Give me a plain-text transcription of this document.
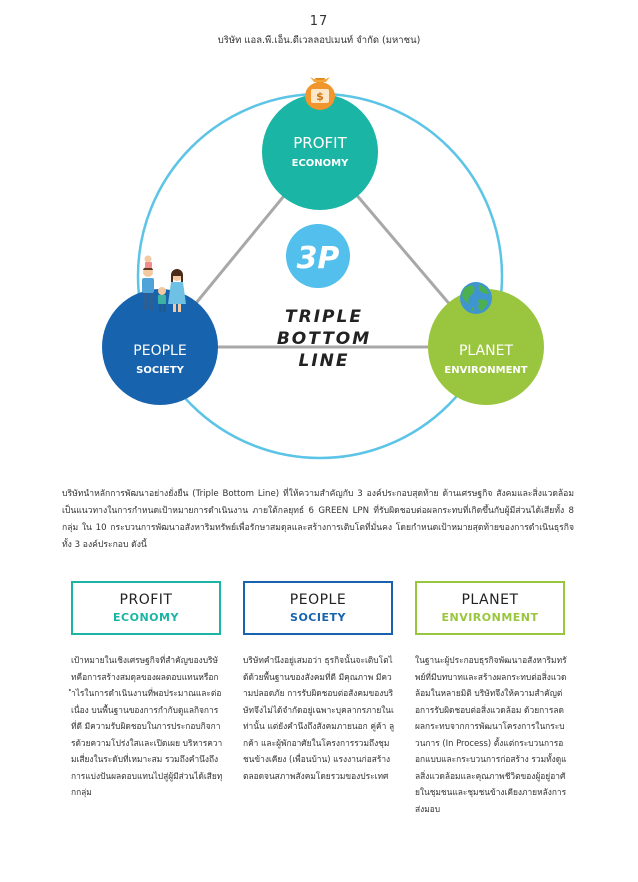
17
บริษัท แอล.พี.เอ็น.ดีเวลลอปเมนท์ จำกัด (มหาชน)
PROFIT
ECONOMY
$
PEOPLE
SOCIETY
PLANET
ENVIRONMENT
3P
TRIPLE
BOTTOM
LINE
บริษัทนำหลักการพัฒนาอย่างยั่งยืน (Triple Bottom Line) ที่ให้ความสำคัญกับ 3 องค์ประกอบสุดท้าย ด้านเศรษฐกิจ สังคมและสิ่งแวดล้อม เป็นแนวทางในการกำหนดเป้าหมายการดำเนินงาน ภายใต้กลยุทธ์ 6 GREEN LPN ที่รับผิดชอบต่อผลกระทบที่เกิดขึ้นกับผู้มีส่วนได้เสียทั้ง 8 กลุ่ม ใน 10 กระบวนการพัฒนาอสังหาริมทรัพย์เพื่อรักษาสมดุลและสร้างการเติบโตที่มั่นคง โดยกำหนดเป้าหมายสุดท้ายของการดำเนินธุรกิจทั้ง 3 องค์ประกอบ ดังนี้
PROFIT
ECONOMY
PEOPLE
SOCIETY
PLANET
ENVIRONMENT
เป้าหมายในเชิงเศรษฐกิจที่สำคัญของบริษัทคือการสร้างสมดุลของผลตอบแทนหรือกำไรในการดำเนินงานที่พอประมาณและต่อเนื่อง บนพื้นฐานของการกำกับดูแลกิจการที่ดี มีความรับผิดชอบในการประกอบกิจการด้วยความโปร่งใสและเปิดเผย บริหารความเสี่ยงในระดับที่เหมาะสม รวมถึงคำนึงถึงการแบ่งปันผลตอบแทนไปสู่ผู้มีส่วนได้เสียทุกกลุ่ม
บริษัทคำนึงอยู่เสมอว่า ธุรกิจนั้นจะเติบโตได้ด้วยพื้นฐานของสังคมที่ดี มีคุณภาพ มีความปลอดภัย การรับผิดชอบต่อสังคมของบริษัทจึงไม่ได้จำกัดอยู่เฉพาะบุคลากรภายในเท่านั้น แต่ยังคำนึงถึงสังคมภายนอก คู่ค้า ลูกค้า และผู้พักอาศัยในโครงการรวมถึงชุมชนข้างเคียง (เพื่อนบ้าน) แรงงานก่อสร้าง ตลอดจนสภาพสังคมโดยรวมของประเทศ
ในฐานะผู้ประกอบธุรกิจพัฒนาอสังหาริมทรัพย์ที่มีบทบาทและสร้างผลกระทบต่อสิ่งแวดล้อมในหลายมิติ บริษัทจึงให้ความสำคัญต่อการรับผิดชอบต่อสิ่งแวดล้อม ด้วยการลดผลกระทบจากการพัฒนาโครงการในกระบวนการ (In Process) ตั้งแต่กระบวนการออกแบบและกระบวนการก่อสร้าง รวมทั้งดูแลสิ่งแวดล้อมและคุณภาพชีวิตของผู้อยู่อาศัยในชุมชนและชุมชนข้างเคียงภายหลังการส่งมอบ
